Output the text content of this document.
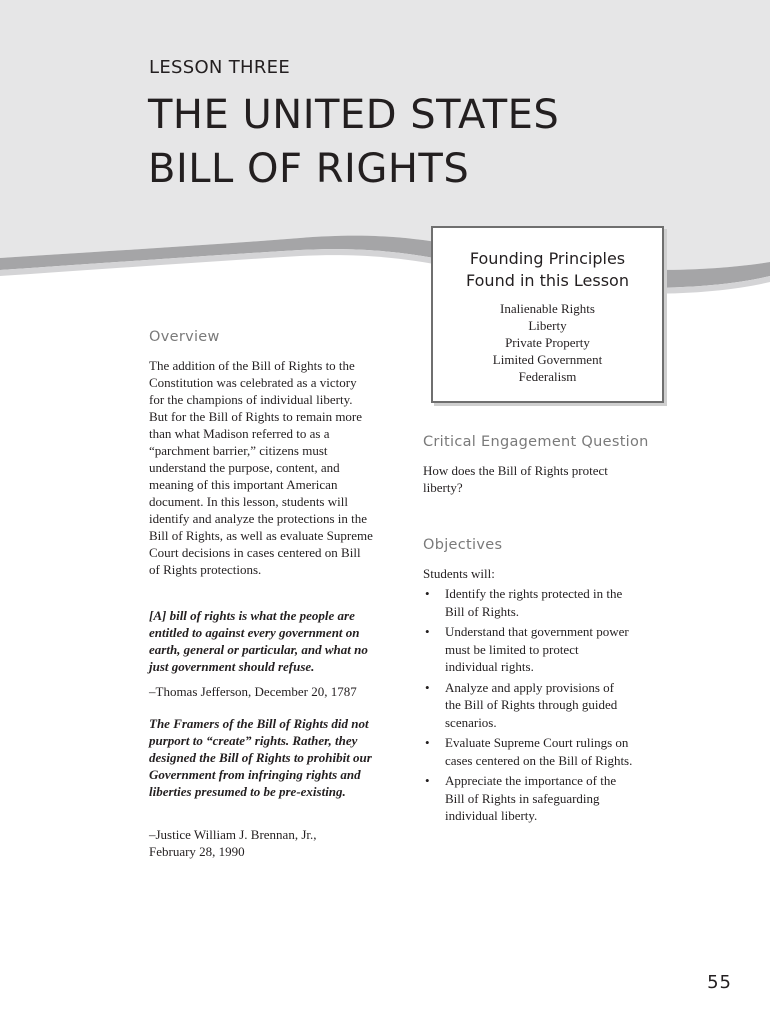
LESSON THREE
THE UNITED STATES
BILL OF RIGHTS
Founding Principles
Found in this Lesson
Inalienable Rights
Liberty
Private Property
Limited Government
Federalism
Overview

The addition of the Bill of Rights to the Constitution was celebrated as a victory for the champions of individual liberty. But for the Bill of Rights to remain more than what Madison referred to as a “parchment barrier,” citizens must understand the purpose, content, and meaning of this important American document. In this lesson, students will identify and analyze the protections in the Bill of Rights, as well as evaluate Supreme Court decisions in cases centered on Bill of Rights protections.

[A] bill of rights is what the people are entitled to against every government on earth, general or particular, and what no just government should refuse.

–Thomas Jefferson, December 20, 1787

The Framers of the Bill of Rights did not purport to “create” rights. Rather, they designed the Bill of Rights to prohibit our Government from infringing rights and liberties presumed to be pre-existing.

–Justice William J. Brennan, Jr., February 28, 1990

Critical Engagement Question

How does the Bill of Rights protect liberty?

Objectives

Students will:

• Identify the rights protected in the Bill of Rights.
• Understand that government power must be limited to protect individual rights.
• Analyze and apply provisions of the Bill of Rights through guided scenarios.
• Evaluate Supreme Court rulings on cases centered on the Bill of Rights.
• Appreciate the importance of the Bill of Rights in safeguarding individual liberty.

55
